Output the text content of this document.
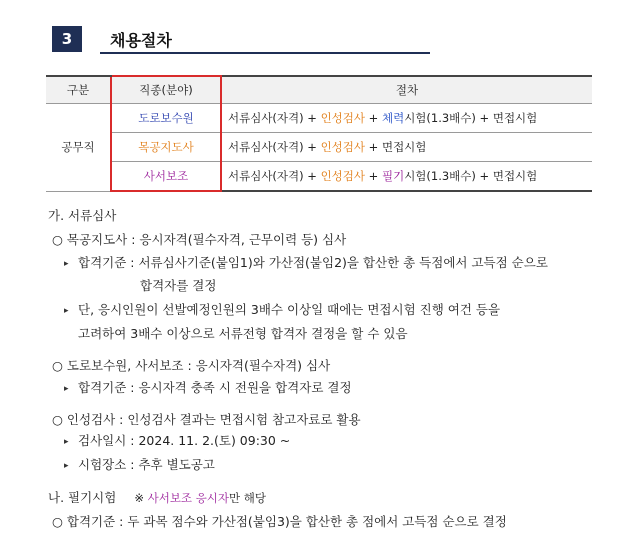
3	채용절차
구분	직종(분야)	절차
공무직	도로보수원	서류심사(자격) + 인성검사 + 체력시험(1.3배수) + 면접시험
	목공지도사	서류심사(자격) + 인성검사 + 면접시험
	사서보조	서류심사(자격) + 인성검사 + 필기시험(1.3배수) + 면접시험
가. 서류심사
○ 목공지도사 : 응시자격(필수자격, 근무이력 등) 심사
▸ 합격기준 : 서류심사기준(붙임1)와 가산점(붙임2)을 합산한 총 득점에서 고득점 순으로
합격자를 결정
▸ 단, 응시인원이 선발예정인원의 3배수 이상일 때에는 면접시험 진행 여건 등을
고려하여 3배수 이상으로 서류전형 합격자 결정을 할 수 있음
○ 도로보수원, 사서보조 : 응시자격(필수자격) 심사
▸ 합격기준 : 응시자격 충족 시 전원을 합격자로 결정
○ 인성검사 : 인성검사 결과는 면접시험 참고자료로 활용
▸ 검사일시 : 2024. 11. 2.(토) 09:30 ~
▸ 시험장소 : 추후 별도공고
나. 필기시험 ※ 사서보조 응시자만 해당
○ 합격기준 : 두 과목 점수와 가산점(붙임3)을 합산한 총 점에서 고득점 순으로 결정
